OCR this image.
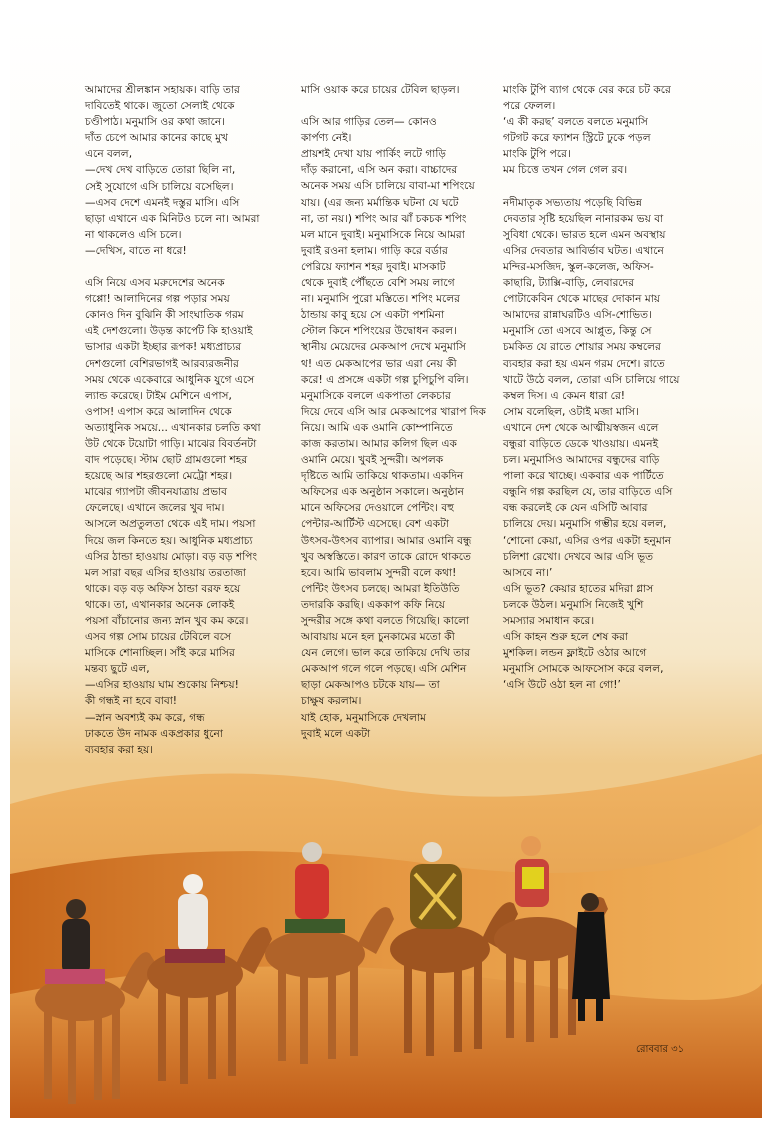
আমাদের শ্রীলঙ্কান সহায়ক। বাড়ি তার
দাবিতেই থাকে। জুতো সেলাই থেকে
চণ্ডীপাঠ। মনুমাসি ওর কথা জানে।
দাঁত চেপে আমার কানের কাছে মুখ
এনে বলল,
—দেখ দেখ বাড়িতে তোরা ছিলি না,
সেই সুযোগে এসি চালিয়ে বসেছিল।
—এসব দেশে এমনই দস্তুর মাসি। এসি
ছাড়া এখানে এক মিনিটও চলে না। আমরা
না থাকলেও এসি চলে।
—দেখিস, বাতে না ধরে!

এসি নিয়ে এসব মরুদেশের অনেক
গপ্পো! আলাদিনের গল্প পড়ার সময়
কোনও দিন বুঝিনি কী সাংঘাতিক গরম
এই দেশগুলো। উড়ন্ত কার্পেট কি হাওয়াই
ভাসার একটা ইচ্ছার রূপক! মধ্যপ্রাচ্যর
দেশগুলো বেশিরভাগই আরব্যরজনীর
সময় থেকে একেবারে আধুনিক যুগে এসে
ল্যান্ড করেছে। টাইম মেশিনে এপাস,
ওপাস! এপাস করে আলাদিন থেকে
অত্যাধুনিক সময়ে... এখানকার চলতি কথা
উট থেকে টয়োটা গাড়ি। মাঝের বিবর্তনটা
বাদ পড়েছে। স্টাম ছোট গ্রামগুলো শহর
হয়েছে আর শহরগুলো মেট্রো শহর।
মাঝের গ্যাপটা জীবনযাত্রায় প্রভাব
ফেলেছে। এখানে জলের খুব দাম।
আসলে অপ্রতুলতা থেকে এই দাম। পয়সা
দিয়ে জল কিনতে হয়। আধুনিক মধ্যপ্রাচ্য
এসির ঠান্ডা হাওয়ায় মোড়া। বড় বড় শপিং
মল সারা বছর এসির হাওয়ায় তরতাজা
থাকে। বড় বড় অফিস ঠান্ডা বরফ হয়ে
থাকে। তা, এখানকার অনেক লোকই
পয়সা বাঁচানোর জন্য স্নান খুব কম করে।
এসব গল্প সোম চায়ের টেবিলে বসে
মাসিকে শোনাচ্ছিল। সাঁই করে মাসির
মন্তব্য ছুটে এল,
—এসির হাওয়ায় ঘাম শুকোয় নিশ্চয়!
কী গন্ধই না হবে বাবা!
—স্নান অবশ্যই কম করে, গন্ধ
ঢাকতে উদ নামক একপ্রকার ধুনো
ব্যবহার করা হয়।

মাসি ওয়াক করে চায়ের টেবিল ছাড়ল।

এসি আর গাড়ির তেল— কোনও
কার্পণ্য নেই।
প্রায়শই দেখা যায় পার্কিং লটে গাড়ি
দাঁড় করানো, এসি অন করা। বাচ্চাদের
অনেক সময় এসি চালিয়ে বাবা-মা শপিংয়ে
যায়। (এর জন্য মর্মান্তিক ঘটনা যে ঘটে
না, তা নয়।) শপিং আর ঝাঁ চকচক শপিং
মল মানে দুবাই। মনুমাসিকে নিয়ে আমরা
দুবাই রওনা হলাম। গাড়ি করে বর্ডার
পেরিয়ে ফ্যাশন শহর দুবাই। মাসকাট
থেকে দুবাই পৌঁছতে বেশি সময় লাগে
না। মনুমাসি পুরো মস্তিতে। শপিং মলের
ঠান্ডায় কাবু হয়ে সে একটা পশমিনা
স্টোল কিনে শপিংয়ের উদ্বোধন করল।
স্থানীয় মেয়েদের মেকআপ দেখে মনুমাসি
থ! এত মেকআপের ভার এরা নেয় কী
করে! এ প্রসঙ্গে একটা গল্প চুপিচুপি বলি।
মনুমাসিকে বললে একপাতা লেকচার
দিয়ে দেবে এসি আর মেকআপের খারাপ দিক
নিয়ে। আমি এক ওমানি কোম্পানিতে
কাজ করতাম। আমার কলিগ ছিল এক
ওমানি মেয়ে। খুবই সুন্দরী। অপলক
দৃষ্টিতে আমি তাকিয়ে থাকতাম। একদিন
অফিসের এক অনুষ্ঠান সকালে। অনুষ্ঠান
মানে অফিসের দেওয়ালে পেন্টিং। বহু
পেন্টার-আর্টিস্ট এসেছে। বেশ একটা
উৎসব-উৎসব ব্যাপার। আমার ওমানি বন্ধু
খুব অস্বস্তিতে। কারণ তাকে রোদে থাকতে
হবে। আমি ভাবলাম সুন্দরী বলে কথা!
পেন্টিং উৎসব চলছে। আমরা ইতিউতি
তদারকি করছি। এককাপ কফি নিয়ে
সুন্দরীর সঙ্গে কথা বলতে গিয়েছি। কালো
আবায়ায় মনে হল চুনকামের মতো কী
যেন লেগে। ভাল করে তাকিয়ে দেখি তার
মেকআপ গলে গলে পড়ছে। এসি মেশিন
ছাড়া মেকআপও চটকে যায়— তা
চাক্ষুষ করলাম।
যাই হোক, মনুমাসিকে দেখলাম
দুবাই মলে একটা

মাংকি টুপি ব্যাগ থেকে বের করে চট করে
পরে ফেলল।
‘এ কী করছ’ বলতে বলতে মনুমাসি
গটগট করে ফ্যাশন স্ট্রিটে ঢুকে পড়ল
মাংকি টুপি পরে।
মম চিত্তে তখন গেল গেল রব।

নদীমাতৃক সভ্যতায় পড়েছি বিভিন্ন
দেবতার সৃষ্টি হয়েছিল নানারকম ভয় বা
সুবিধা থেকে। ভারত হলে এমন অবস্থায়
এসির দেবতার আবির্ভাব ঘটত। এখানে
মন্দির-মসজিদ, স্কুল-কলেজ, অফিস-
কাছারি, ট্যাক্সি-বাড়ি, লেবারদের
পোটাকেবিন থেকে মাছের দোকান মায়
আমাদের রান্নাঘরটিও এসি-শোভিত।
মনুমাসি তো এসবে আপ্লুত, কিন্তু সে
চমকিত যে রাতে শোয়ার সময় কম্বলের
ব্যবহার করা হয় এমন গরম দেশে। রাতে
খাটে উঠে বলল, তোরা এসি চালিয়ে গায়ে
কম্বল দিস। এ কেমন ধারা রে!
সোম বলেছিল, ওটাই মজা মাসি।
এখানে দেশ থেকে আত্মীয়স্বজন এলে
বন্ধুরা বাড়িতে ডেকে খাওয়ায়। এমনই
চল। মনুমাসিও আমাদের বন্ধুদের বাড়ি
পালা করে খাচ্ছে। একবার এক পার্টিতে
বন্ধুনি গল্প করছিল যে, তার বাড়িতে এসি
বন্ধ করলেই কে যেন এসিটি আবার
চালিয়ে দেয়। মনুমাসি গম্ভীর হয়ে বলল,
‘শোনো কেয়া, এসির ওপর একটা হনুমান
চলিশা রেখো। দেখবে আর এসি ভূত
আসবে না।’
এসি ভূত? কেয়ার হাতের মদিরা গ্লাস
চলকে উঠল। মনুমাসি নিজেই খুশি
সমস্যার সমাধান করে।
এসি কাহন শুরু হলে শেষ করা
মুশকিল। লন্ডন ফ্লাইটে ওঠার আগে
মনুমাসি সোমকে আফসোস করে বলল,
‘এসি উটে ওঠা হল না গো!’

রোববার ৩১
